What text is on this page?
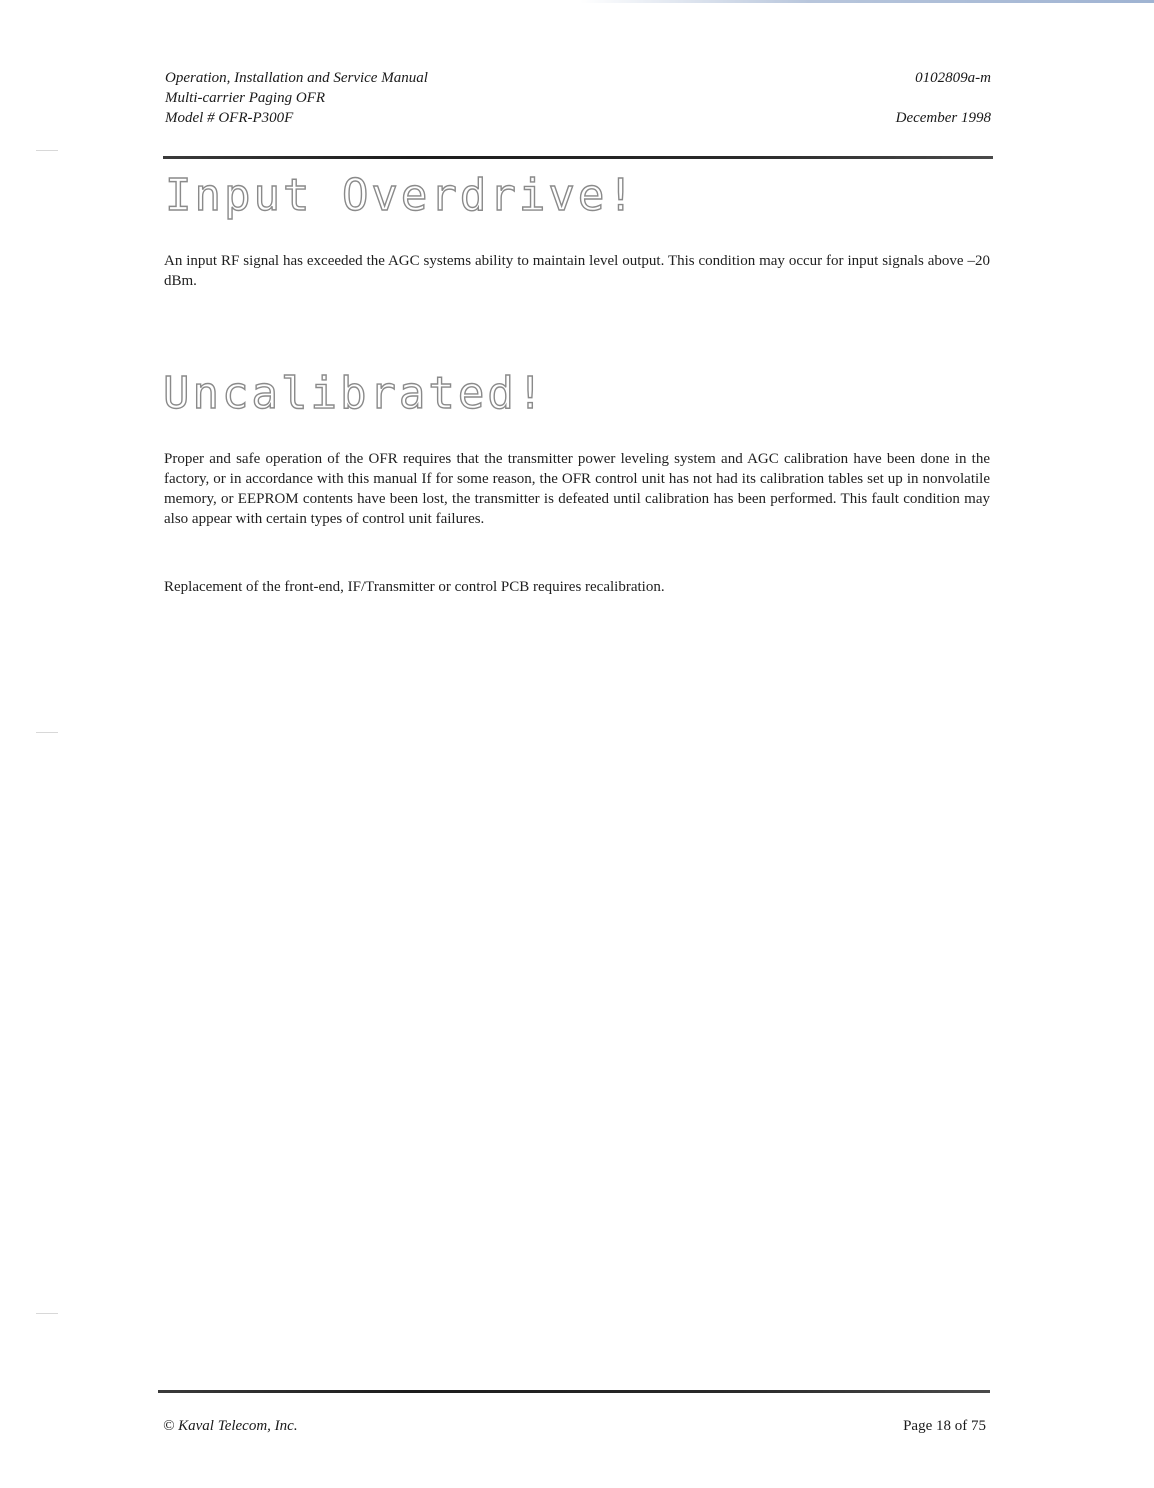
Operation, Installation and Service Manual
Multi-carrier Paging OFR
Model # OFR-P300F
0102809a-m
December 1998
Input Overdrive!
An input RF signal has exceeded the AGC systems ability to maintain level output. This condition may occur for input signals above –20 dBm.
Uncalibrated!
Proper and safe operation of the OFR requires that the transmitter power leveling system and AGC calibration have been done in the factory, or in accordance with this manual If for some reason, the OFR control unit has not had its calibration tables set up in nonvolatile memory, or EEPROM contents have been lost, the transmitter is defeated until calibration has been performed. This fault condition may also appear with certain types of control unit failures.
Replacement of the front-end, IF/Transmitter or control PCB requires recalibration.
© Kaval Telecom, Inc.	Page 18 of 75
